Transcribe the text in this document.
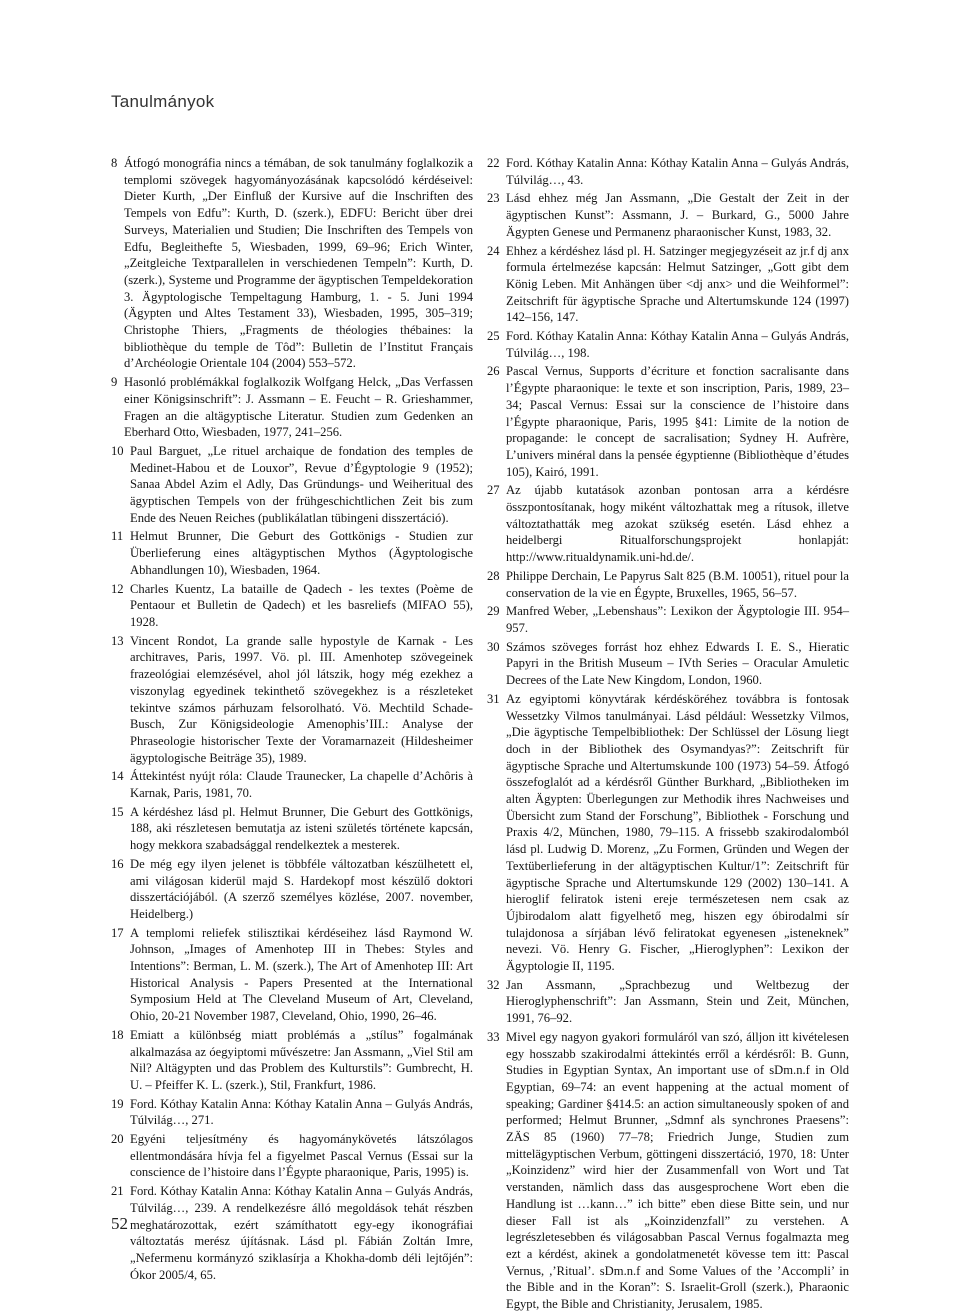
Tanulmányok
8 Átfogó monográfia nincs a témában, de sok tanulmány foglalkozik a templomi szövegek hagyományozásának kapcsolódó kérdéseivel: Dieter Kurth, „Der Einfluß der Kursive auf die Inschriften des Tempels von Edfu”: Kurth, D. (szerk.), EDFU: Bericht über drei Surveys, Materialien und Studien; Die Inschriften des Tempels von Edfu, Begleithefte 5, Wiesbaden, 1999, 69–96; Erich Winter, „Zeitgleiche Textparallelen in verschiedenen Tempeln”: Kurth, D. (szerk.), Systeme und Programme der ägyptischen Tempeldekoration 3. Ägyptologische Tempeltagung Hamburg, 1. - 5. Juni 1994 (Ägypten und Altes Testament 33), Wiesbaden, 1995, 305–319; Christophe Thiers, „Fragments de théologies thébaines: la bibliothèque du temple de Tôd”: Bulletin de l’Institut Français d’Archéologie Orientale 104 (2004) 553–572.
9 Hasonló problémákkal foglalkozik Wolfgang Helck, „Das Verfassen einer Königsinschrift”: J. Assmann – E. Feucht – R. Grieshammer, Fragen an die altägyptische Literatur. Studien zum Gedenken an Eberhard Otto, Wiesbaden, 1977, 241–256.
10 Paul Barguet, „Le rituel archaique de fondation des temples de Medinet-Habou et de Louxor”, Revue d’Égyptologie 9 (1952); Sanaa Abdel Azim el Adly, Das Gründungs- und Weiheritual des ägyptischen Tempels von der frühgeschichtlichen Zeit bis zum Ende des Neuen Reiches (publikálatlan tübingeni disszertáció).
11 Helmut Brunner, Die Geburt des Gottkönigs - Studien zur Überlieferung eines altägyptischen Mythos (Ägyptologische Abhandlungen 10), Wiesbaden, 1964.
12 Charles Kuentz, La bataille de Qadech - les textes (Poème de Pentaour et Bulletin de Qadech) et les basreliefs (MIFAO 55), 1928.
13 Vincent Rondot, La grande salle hypostyle de Karnak - Les architraves, Paris, 1997. Vö. pl. III. Amenhotep szövegeinek frazeológiai elemzésével, ahol jól látszik, hogy még ezekhez a viszonylag egyedinek tekinthető szövegekhez is a részleteket tekintve számos párhuzam felsorolható. Vö. Mechtild Schade-Busch, Zur Königsideologie Amenophis’III.: Analyse der Phraseologie historischer Texte der Voramarnazeit (Hildesheimer ägyptologische Beiträge 35), 1989.
14 Áttekintést nyújt róla: Claude Traunecker, La chapelle d’Achôris à Karnak, Paris, 1981, 70.
15 A kérdéshez lásd pl. Helmut Brunner, Die Geburt des Gottkönigs, 188, aki részletesen bemutatja az isteni születés története kapcsán, hogy mekkora szabadsággal rendelkeztek a mesterek.
16 De még egy ilyen jelenet is többféle változatban készülhetett el, ami világosan kiderül majd S. Hardekopf most készülő doktori disszertációjából. (A szerző személyes közlése, 2007. november, Heidelberg.)
17 A templomi reliefek stilisztikai kérdéseihez lásd Raymond W. Johnson, „Images of Amenhotep III in Thebes: Styles and Intentions”: Berman, L. M. (szerk.), The Art of Amenhotep III: Art Historical Analysis - Papers Presented at the International Symposium Held at The Cleveland Museum of Art, Cleveland, Ohio, 20-21 November 1987, Cleveland, Ohio, 1990, 26–46.
18 Emiatt a különbség miatt problémás a „stílus” fogalmának alkalmazása az óegyiptomi művészetre: Jan Assmann, „Viel Stil am Nil? Altägypten und das Problem des Kulturstils”: Gumbrecht, H. U. – Pfeiffer K. L. (szerk.), Stil, Frankfurt, 1986.
19 Ford. Kóthay Katalin Anna: Kóthay Katalin Anna – Gulyás András, Túlvilág…, 271.
20 Egyéni teljesítmény és hagyománykövetés látszólagos ellentmondására hívja fel a figyelmet Pascal Vernus (Essai sur la conscience de l’histoire dans l’Égypte pharaonique, Paris, 1995) is.
21 Ford. Kóthay Katalin Anna: Kóthay Katalin Anna – Gulyás András, Túlvilág…, 239. A rendelkezésre álló megoldások tehát részben meghatározottak, ezért számíthatott egy-egy ikonográfiai változtatás merész újításnak. Lásd pl. Fábián Zoltán Imre, „Nefermenu kormányzó sziklasírja a Khokha-domb déli lejtőjén”: Ókor 2005/4, 65.
22 Ford. Kóthay Katalin Anna: Kóthay Katalin Anna – Gulyás András, Túlvilág…, 43.
23 Lásd ehhez még Jan Assmann, „Die Gestalt der Zeit in der ägyptischen Kunst”: Assmann, J. – Burkard, G., 5000 Jahre Ägypten Genese und Permanenz pharaonischer Kunst, 1983, 32.
24 Ehhez a kérdéshez lásd pl. H. Satzinger megjegyzéseit az jr.f dj anx formula értelmezése kapcsán: Helmut Satzinger, „Gott gibt dem König Leben. Mit Anhängen über <dj anx> und die Weihformel”: Zeitschrift für ägyptische Sprache und Altertumskunde 124 (1997) 142–156, 147.
25 Ford. Kóthay Katalin Anna: Kóthay Katalin Anna – Gulyás András, Túlvilág…, 198.
26 Pascal Vernus, Supports d’écriture et fonction sacralisante dans l’Égypte pharaonique: le texte et son inscription, Paris, 1989, 23–34; Pascal Vernus: Essai sur la conscience de l’histoire dans l’Égypte pharaonique, Paris, 1995 §41: Limite de la notion de propagande: le concept de sacralisation; Sydney H. Aufrère, L’univers minéral dans la pensée égyptienne (Bibliothèque d’études 105), Kairó, 1991.
27 Az újabb kutatások azonban pontosan arra a kérdésre összpontosítanak, hogy miként változhattak meg a rítusok, illetve változtathatták meg azokat szükség esetén. Lásd ehhez a heidelbergi Ritualforschungsprojekt honlapját: http://www.ritualdynamik.uni-hd.de/.
28 Philippe Derchain, Le Papyrus Salt 825 (B.M. 10051), rituel pour la conservation de la vie en Égypte, Bruxelles, 1965, 56–57.
29 Manfred Weber, „Lebenshaus”: Lexikon der Ägyptologie III. 954–957.
30 Számos szöveges forrást hoz ehhez Edwards I. E. S., Hieratic Papyri in the British Museum – IVth Series – Oracular Amuletic Decrees of the Late New Kingdom, London, 1960.
31 Az egyiptomi könyvtárak kérdésköréhez továbbra is fontosak Wessetzky Vilmos tanulmányai. Lásd például: Wessetzky Vilmos, „Die ägyptische Tempelbibliothek: Der Schlüssel der Lösung liegt doch in der Bibliothek des Osymandyas?”: Zeitschrift für ägyptische Sprache und Altertumskunde 100 (1973) 54–59. Átfogó összefoglalót ad a kérdésről Günther Burkhard, „Bibliotheken im alten Ägypten: Überlegungen zur Methodik ihres Nachweises und Übersicht zum Stand der Forschung”, Bibliothek - Forschung und Praxis 4/2, München, 1980, 79–115. A frissebb szakirodalomból lásd pl. Ludwig D. Morenz, „Zu Formen, Gründen und Wegen der Textüberlieferung in der altägyptischen Kultur/1”: Zeitschrift für ägyptische Sprache und Altertumskunde 129 (2002) 130–141. A hieroglif feliratok isteni ereje természetesen nem csak az Újbirodalom alatt figyelhető meg, hiszen egy óbirodalmi sír tulajdonosa a sírjában lévő feliratokat egyenesen „isteneknek” nevezi. Vö. Henry G. Fischer, „Hieroglyphen”: Lexikon der Ägyptologie II, 1195.
32 Jan Assmann, „Sprachbezug und Weltbezug der Hieroglyphenschrift”: Jan Assmann, Stein und Zeit, München, 1991, 76–92.
33 Mivel egy nagyon gyakori formuláról van szó, álljon itt kivételesen egy hosszabb szakirodalmi áttekintés erről a kérdésről: B. Gunn, Studies in Egyptian Syntax, An important use of sDm.n.f in Old Egyptian, 69–74: an event happening at the actual moment of speaking; Gardiner §414.5: an action simultaneously spoken of and performed; Helmut Brunner, „Sdmnf als synchrones Praesens”: ZÄS 85 (1960) 77–78; Friedrich Junge, Studien zum mittelägyptischen Verbum, göttingeni disszertáció, 1970, 18: Unter „Koinzidenz” wird hier der Zusammenfall von Wort und Tat verstanden, nämlich dass das ausgesprochene Wort eben die Handlung ist …kann…” ich bitte” eben diese Bitte sein, und nur dieser Fall ist als „Koinzidenzfall” zu verstehen. A legrészletesebben és világosabban Pascal Vernus fogalmazta meg ezt a kérdést, akinek a gondolatmenetét kövesse tem itt: Pascal Vernus, ,’Ritual’. sDm.n.f and Some Values of the ’Accompli’ in the Bible and in the Koran”: S. Israelit-Groll (szerk.), Pharaonic Egypt, the Bible and Christianity, Jerusalem, 1985.
52
